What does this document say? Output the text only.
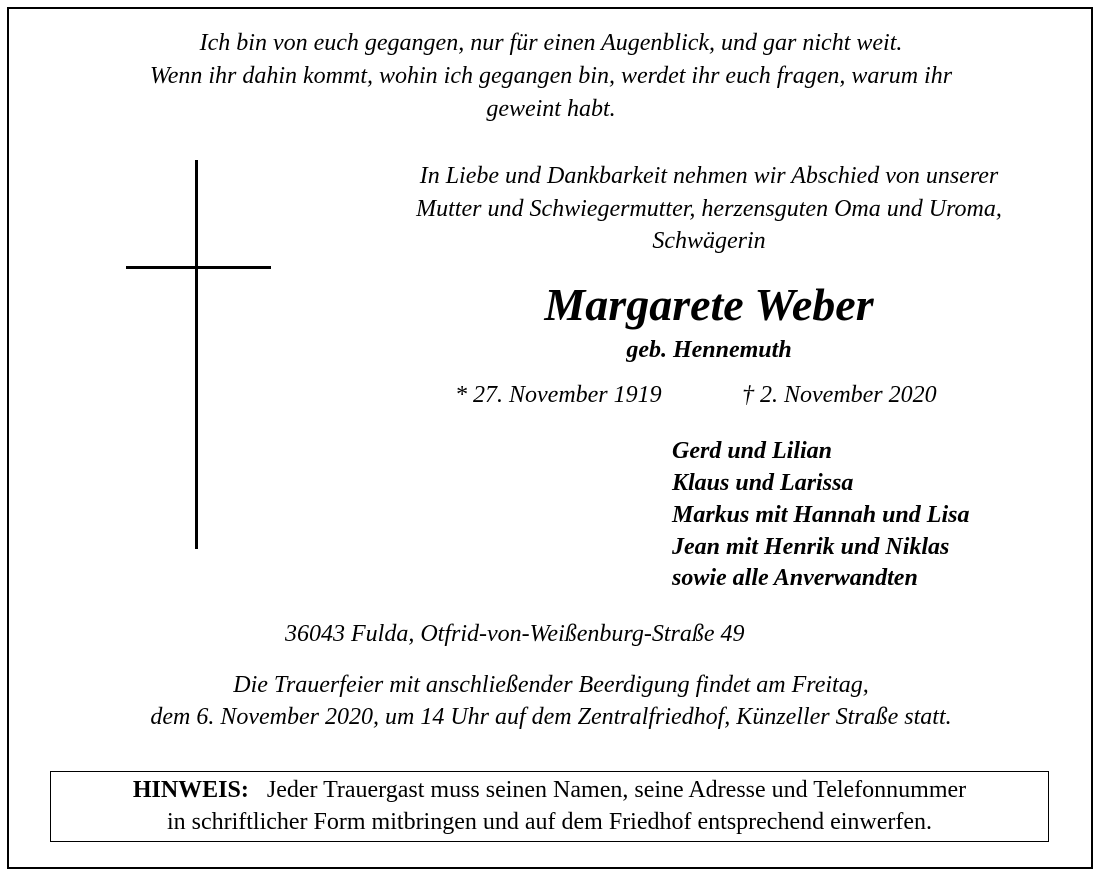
Ich bin von euch gegangen, nur für einen Augenblick, und gar nicht weit.
Wenn ihr dahin kommt, wohin ich gegangen bin, werdet ihr euch fragen, warum ihr
geweint habt.
In Liebe und Dankbarkeit nehmen wir Abschied von unserer
Mutter und Schwiegermutter, herzensguten Oma und Uroma,
Schwägerin
Margarete Weber
geb. Hennemuth
* 27. November 1919	† 2. November 2020
Gerd und Lilian
Klaus und Larissa
Markus mit Hannah und Lisa
Jean mit Henrik und Niklas
sowie alle Anverwandten
36043 Fulda, Otfrid-von-Weißenburg-Straße 49
Die Trauerfeier mit anschließender Beerdigung findet am Freitag,
dem 6. November 2020, um 14 Uhr auf dem Zentralfriedhof, Künzeller Straße statt.
HINWEIS: Jeder Trauergast muss seinen Namen, seine Adresse und Telefonnummer
in schriftlicher Form mitbringen und auf dem Friedhof entsprechend einwerfen.
